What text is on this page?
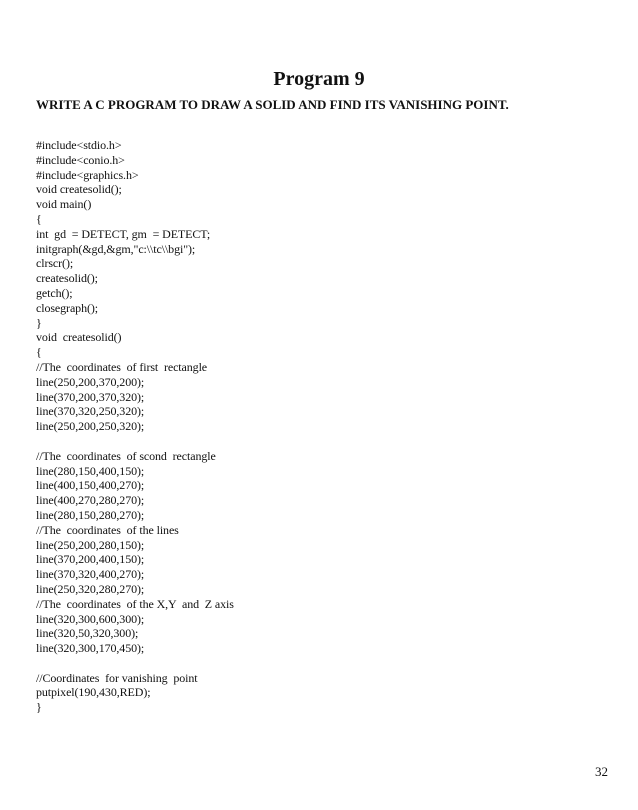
Program 9
WRITE A C PROGRAM TO DRAW A SOLID AND FIND ITS VANISHING POINT.
#include<stdio.h>
#include<conio.h>
#include<graphics.h>
void createsolid();
void main()
{
int  gd  = DETECT, gm  = DETECT;
initgraph(&gd,&gm,"c:\\tc\\bgi");
clrscr();
createsolid();
getch();
closegraph();
}
void  createsolid()
{
//The  coordinates  of first  rectangle
line(250,200,370,200);
line(370,200,370,320);
line(370,320,250,320);
line(250,200,250,320);
//The  coordinates  of scond  rectangle
line(280,150,400,150);
line(400,150,400,270);
line(400,270,280,270);
line(280,150,280,270);
//The  coordinates  of the lines
line(250,200,280,150);
line(370,200,400,150);
line(370,320,400,270);
line(250,320,280,270);
//The  coordinates  of the X,Y  and  Z axis
line(320,300,600,300);
line(320,50,320,300);
line(320,300,170,450);
//Coordinates  for vanishing  point
putpixel(190,430,RED);
}
32
